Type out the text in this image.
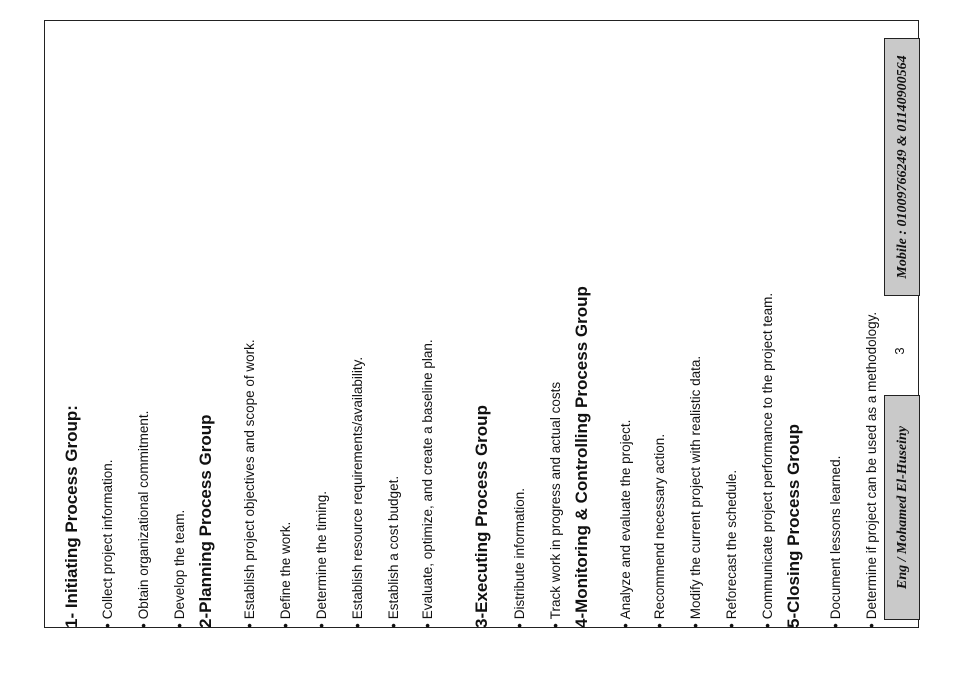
1- Initiating Process Group: •Collect project information.
•Obtain organizational commitment.
•Develop the team. 2-Planning Process Group •Establish project objectives and scope of work.
•Define the work.
•Determine the timing.
•Establish resource requirements/availability.
•Establish a cost budget.
•Evaluate, optimize, and create a baseline plan. 3-Executing Process Group •Distribute information.
•Track work in progress and actual costs 4-Monitoring & Controlling Process Group •Analyze and evaluate the project.
•Recommend necessary action.
•Modify the current project with realistic data.
•Reforecast the schedule.
•Communicate project performance to the project team. 5-Closing Process Group •Document lessons learned.
•Determine if project can be used as a methodology.	Eng / Mohamed El-Huseiny
3
Mobile : 01009766249 & 01140900564
